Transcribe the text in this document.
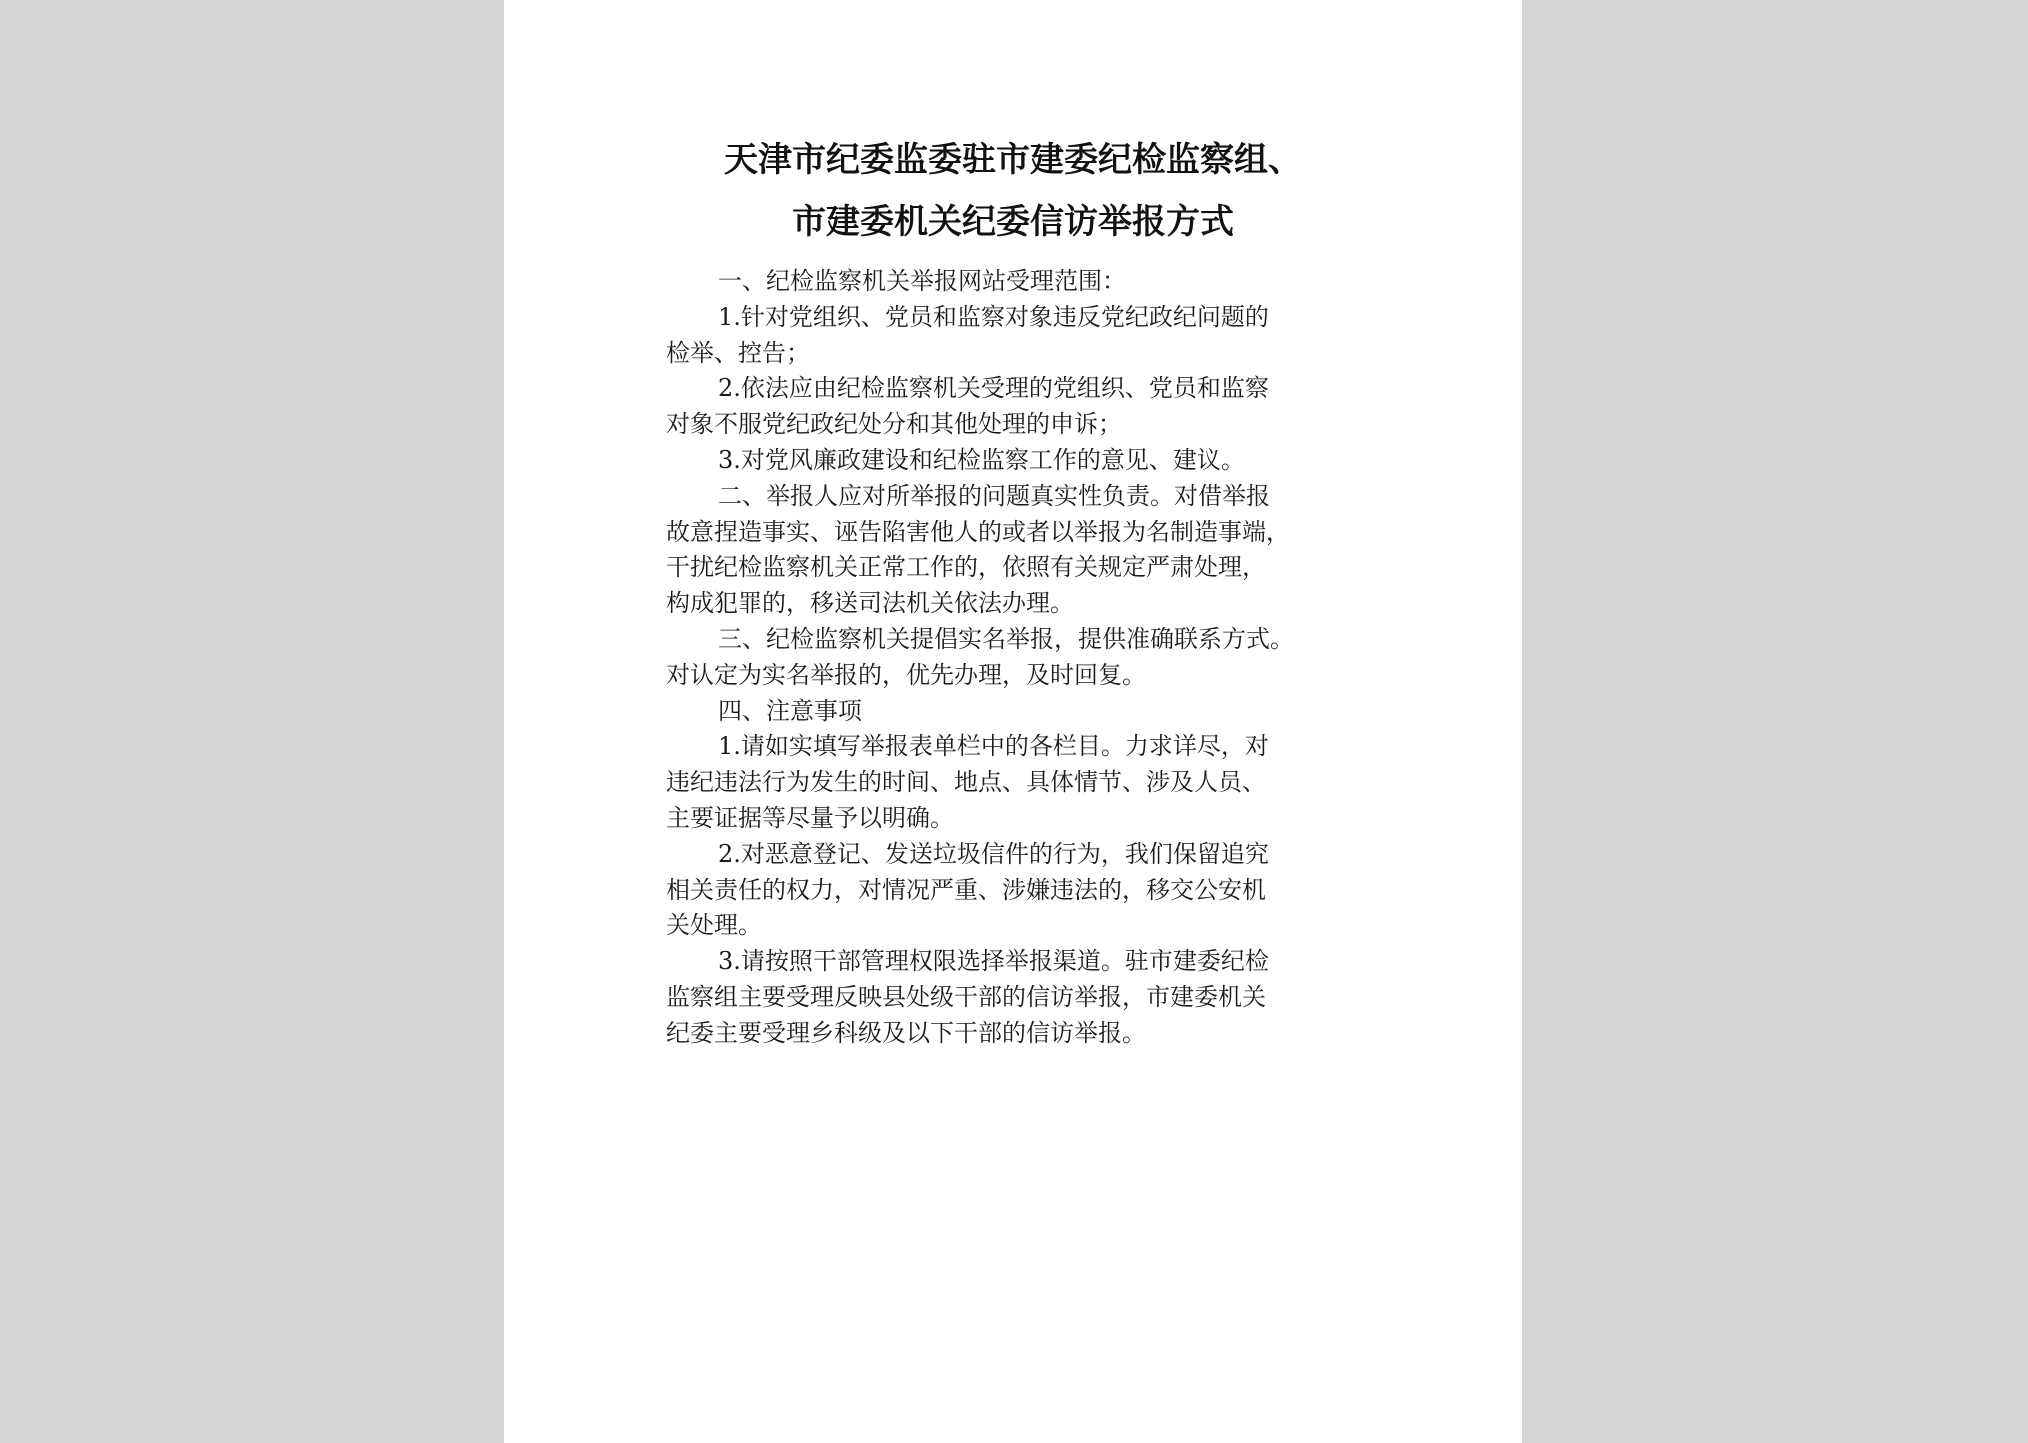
天津市纪委监委驻市建委纪检监察组、
市建委机关纪委信访举报方式
一、纪检监察机关举报网站受理范围：
1.针对党组织、党员和监察对象违反党纪政纪问题的
检举、控告；
2.依法应由纪检监察机关受理的党组织、党员和监察
对象不服党纪政纪处分和其他处理的申诉；
3.对党风廉政建设和纪检监察工作的意见、建议。
二、举报人应对所举报的问题真实性负责。对借举报
故意捏造事实、诬告陷害他人的或者以举报为名制造事端，
干扰纪检监察机关正常工作的，依照有关规定严肃处理，
构成犯罪的，移送司法机关依法办理。
三、纪检监察机关提倡实名举报，提供准确联系方式。
对认定为实名举报的，优先办理，及时回复。
四、注意事项
1.请如实填写举报表单栏中的各栏目。力求详尽，对
违纪违法行为发生的时间、地点、具体情节、涉及人员、
主要证据等尽量予以明确。
2.对恶意登记、发送垃圾信件的行为，我们保留追究
相关责任的权力，对情况严重、涉嫌违法的，移交公安机
关处理。
3.请按照干部管理权限选择举报渠道。驻市建委纪检
监察组主要受理反映县处级干部的信访举报，市建委机关
纪委主要受理乡科级及以下干部的信访举报。
